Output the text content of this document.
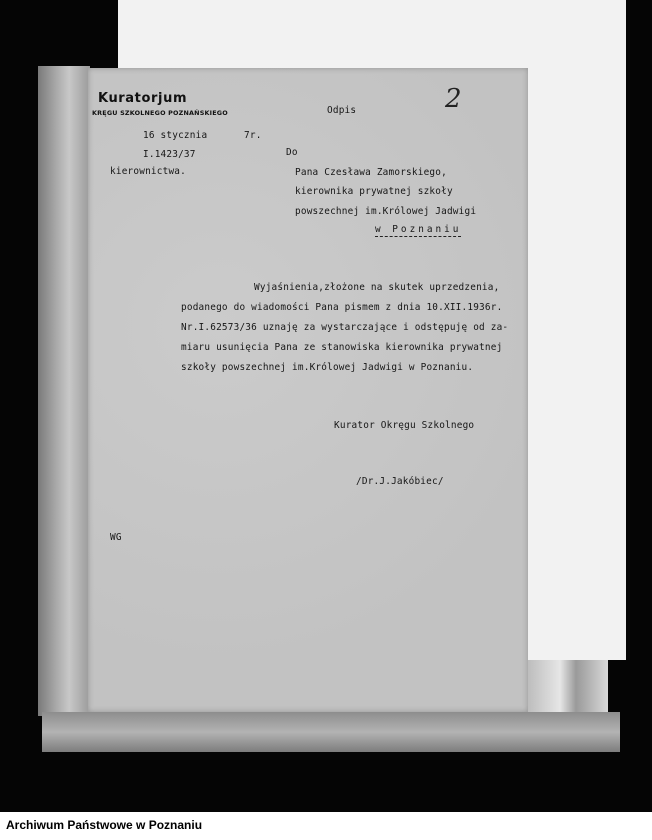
Kuratorjum
KRĘGU SZKOLNEGO POZNAŃSKIEGO	Odpis
16 stycznia	7r.
I.1423/37
kierownictwa.
Do
Pana Czesława Zamorskiego,
kierownika prywatnej szkoły
powszechnej im.Królowej Jadwigi
w Poznaniu
Wyjaśnienia,złożone na skutek uprzedzenia,
podanego do wiadomości Pana pismem z dnia 10.XII.1936r.
Nr.I.62573/36 uznaję za wystarczające i odstępuję od za-
miaru usunięcia Pana ze stanowiska kierownika prywatnej
szkoły powszechnej im.Królowej Jadwigi w Poznaniu.
Kurator Okręgu Szkolnego
/Dr.J.Jakóbiec/
WG
2
Archiwum Państwowe w Poznaniu
